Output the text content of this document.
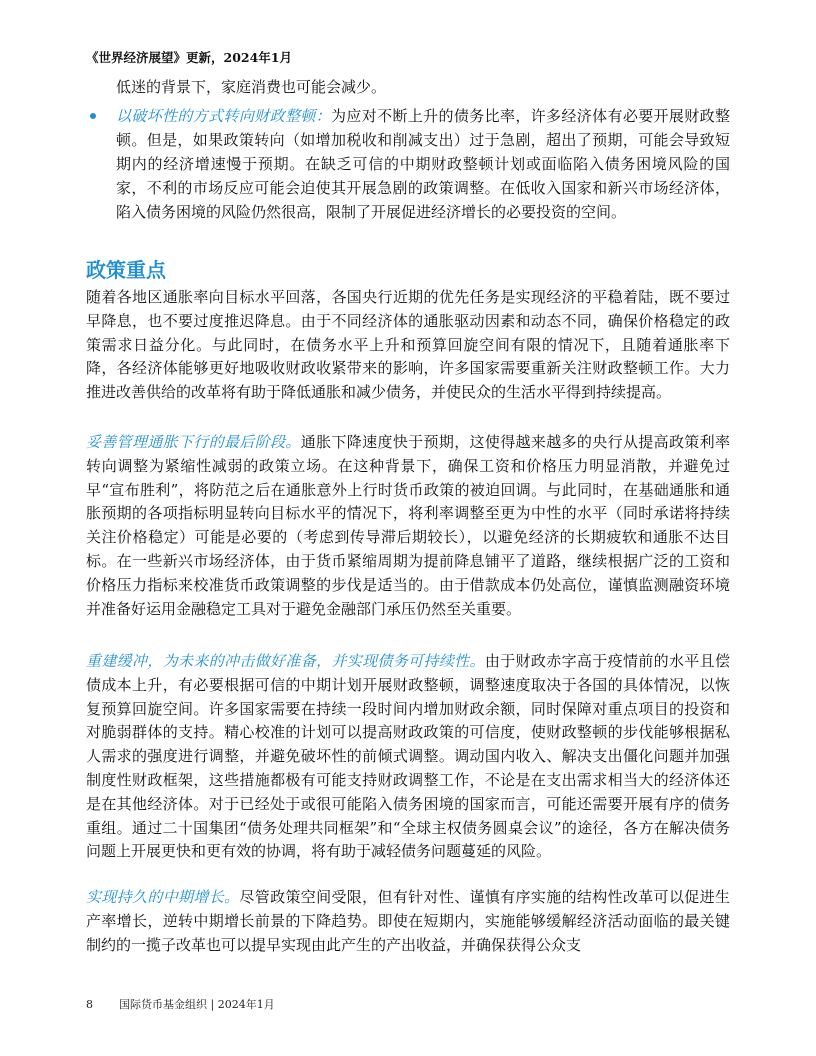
《世界经济展望》更新，2024年1月
低迷的背景下，家庭消费也可能会减少。
以破坏性的方式转向财政整顿：为应对不断上升的债务比率，许多经济体有必要开展财政整顿。但是，如果政策转向（如增加税收和削减支出）过于急剧，超出了预期，可能会导致短期内的经济增速慢于预期。在缺乏可信的中期财政整顿计划或面临陷入债务困境风险的国家，不利的市场反应可能会迫使其开展急剧的政策调整。在低收入国家和新兴市场经济体，陷入债务困境的风险仍然很高，限制了开展促进经济增长的必要投资的空间。
政策重点
随着各地区通胀率向目标水平回落，各国央行近期的优先任务是实现经济的平稳着陆，既不要过早降息，也不要过度推迟降息。由于不同经济体的通胀驱动因素和动态不同，确保价格稳定的政策需求日益分化。与此同时，在债务水平上升和预算回旋空间有限的情况下，且随着通胀率下降，各经济体能够更好地吸收财政收紧带来的影响，许多国家需要重新关注财政整顿工作。大力推进改善供给的改革将有助于降低通胀和减少债务，并使民众的生活水平得到持续提高。
妥善管理通胀下行的最后阶段。通胀下降速度快于预期，这使得越来越多的央行从提高政策利率转向调整为紧缩性减弱的政策立场。在这种背景下，确保工资和价格压力明显消散，并避免过早“宣布胜利”，将防范之后在通胀意外上行时货币政策的被迫回调。与此同时，在基础通胀和通胀预期的各项指标明显转向目标水平的情况下，将利率调整至更为中性的水平（同时承诺将持续关注价格稳定）可能是必要的（考虑到传导滞后期较长），以避免经济的长期疲软和通胀不达目标。在一些新兴市场经济体，由于货币紧缩周期为提前降息铺平了道路，继续根据广泛的工资和价格压力指标来校准货币政策调整的步伐是适当的。由于借款成本仍处高位，谨慎监测融资环境并准备好运用金融稳定工具对于避免金融部门承压仍然至关重要。
重建缓冲，为未来的冲击做好准备，并实现债务可持续性。由于财政赤字高于疫情前的水平且偿债成本上升，有必要根据可信的中期计划开展财政整顿，调整速度取决于各国的具体情况，以恢复预算回旋空间。许多国家需要在持续一段时间内增加财政余额，同时保障对重点项目的投资和对脆弱群体的支持。精心校准的计划可以提高财政政策的可信度，使财政整顿的步伐能够根据私人需求的强度进行调整，并避免破坏性的前倾式调整。调动国内收入、解决支出僵化问题并加强制度性财政框架，这些措施都极有可能支持财政调整工作，不论是在支出需求相当大的经济体还是在其他经济体。对于已经处于或很可能陷入债务困境的国家而言，可能还需要开展有序的债务重组。通过二十国集团“债务处理共同框架”和“全球主权债务圆桌会议”的途径，各方在解决债务问题上开展更快和更有效的协调，将有助于减轻债务问题蔓延的风险。
实现持久的中期增长。尽管政策空间受限，但有针对性、谨慎有序实施的结构性改革可以促进生产率增长，逆转中期增长前景的下降趋势。即使在短期内，实施能够缓解经济活动面临的最关键制约的一揽子改革也可以提早实现由此产生的产出收益，并确保获得公众支
8 国际货币基金组织 | 2024年1月
